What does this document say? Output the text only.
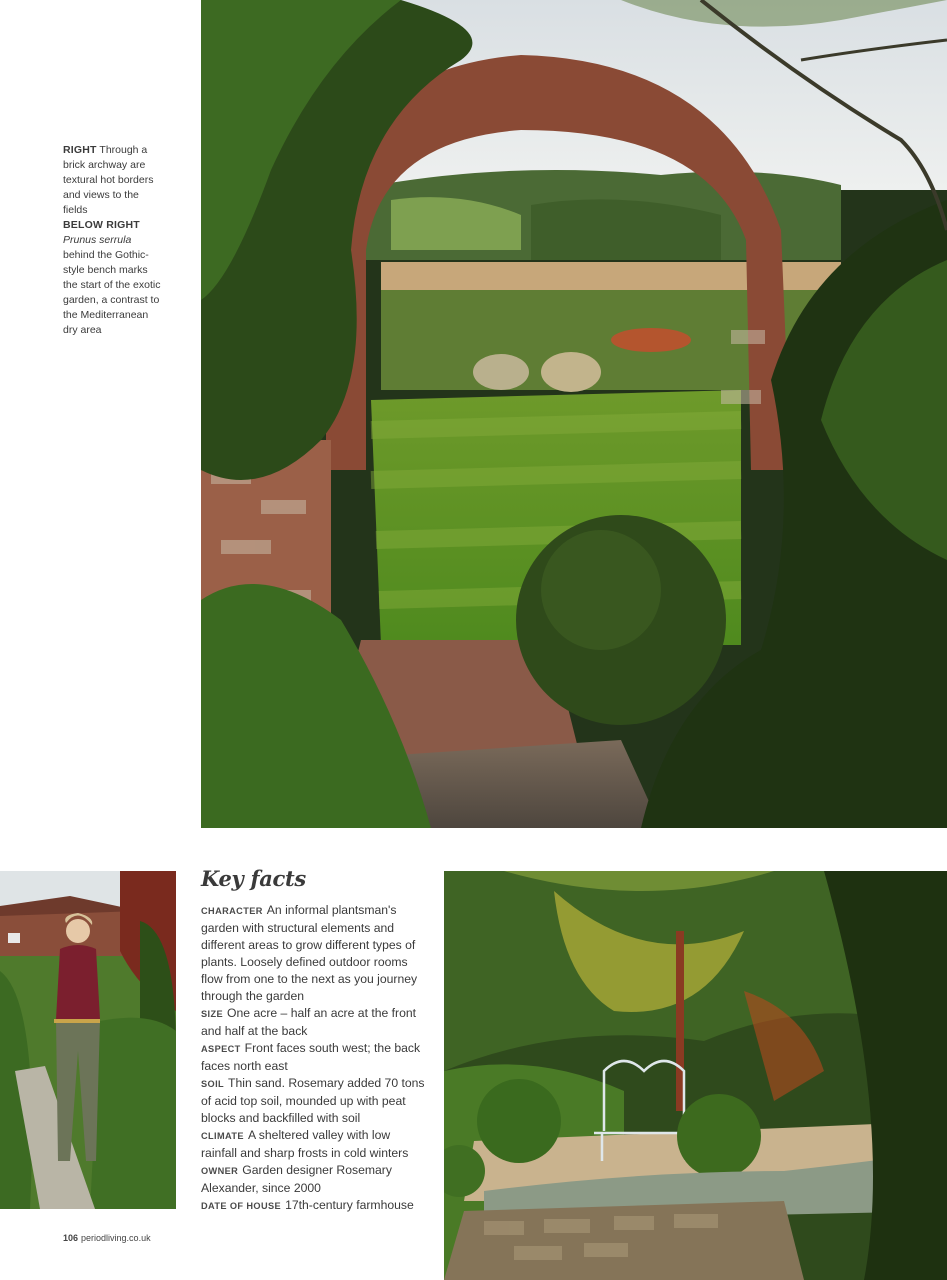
RIGHT Through a brick archway are textural hot borders and views to the fields
BELOW RIGHT
Prunus serrula behind the Gothic-style bench marks the start of the exotic garden, a contrast to the Mediterranean dry area
Key facts
CHARACTER An informal plantsman's garden with structural elements and different areas to grow different types of plants. Loosely defined outdoor rooms flow from one to the next as you journey through the garden
SIZE One acre – half an acre at the front and half at the back
ASPECT Front faces south west; the back faces north east
SOIL Thin sand. Rosemary added 70 tons of acid top soil, mounded up with peat blocks and backfilled with soil
CLIMATE A sheltered valley with low rainfall and sharp frosts in cold winters
OWNER Garden designer Rosemary Alexander, since 2000
DATE OF HOUSE 17th-century farmhouse
106 periodliving.co.uk
